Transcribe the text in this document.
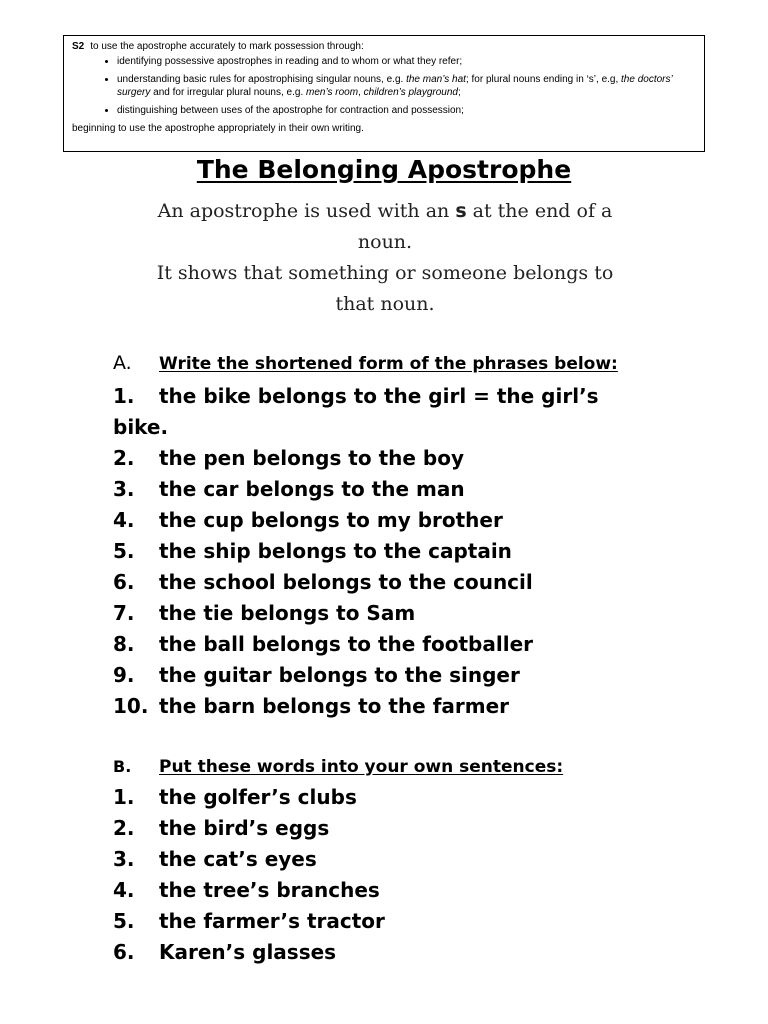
S2 to use the apostrophe accurately to mark possession through:
• identifying possessive apostrophes in reading and to whom or what they refer;
• understanding basic rules for apostrophising singular nouns, e.g. the man’s hat; for plural nouns ending in ‘s’, e.g, the doctors’ surgery and for irregular plural nouns, e.g. men’s room, children’s playground;
• distinguishing between uses of the apostrophe for contraction and possession;
beginning to use the apostrophe appropriately in their own writing.
The Belonging Apostrophe
An apostrophe is used with an s at the end of a
noun.
It shows that something or someone belongs to
that noun.
A. Write the shortened form of the phrases below:
1. the bike belongs to the girl = the girl’s bike.
2. the pen belongs to the boy
3. the car belongs to the man
4. the cup belongs to my brother
5. the ship belongs to the captain
6. the school belongs to the council
7. the tie belongs to Sam
8. the ball belongs to the footballer
9. the guitar belongs to the singer
10. the barn belongs to the farmer
B. Put these words into your own sentences:
1. the golfer’s clubs
2. the bird’s eggs
3. the cat’s eyes
4. the tree’s branches
5. the farmer’s tractor
6. Karen’s glasses
